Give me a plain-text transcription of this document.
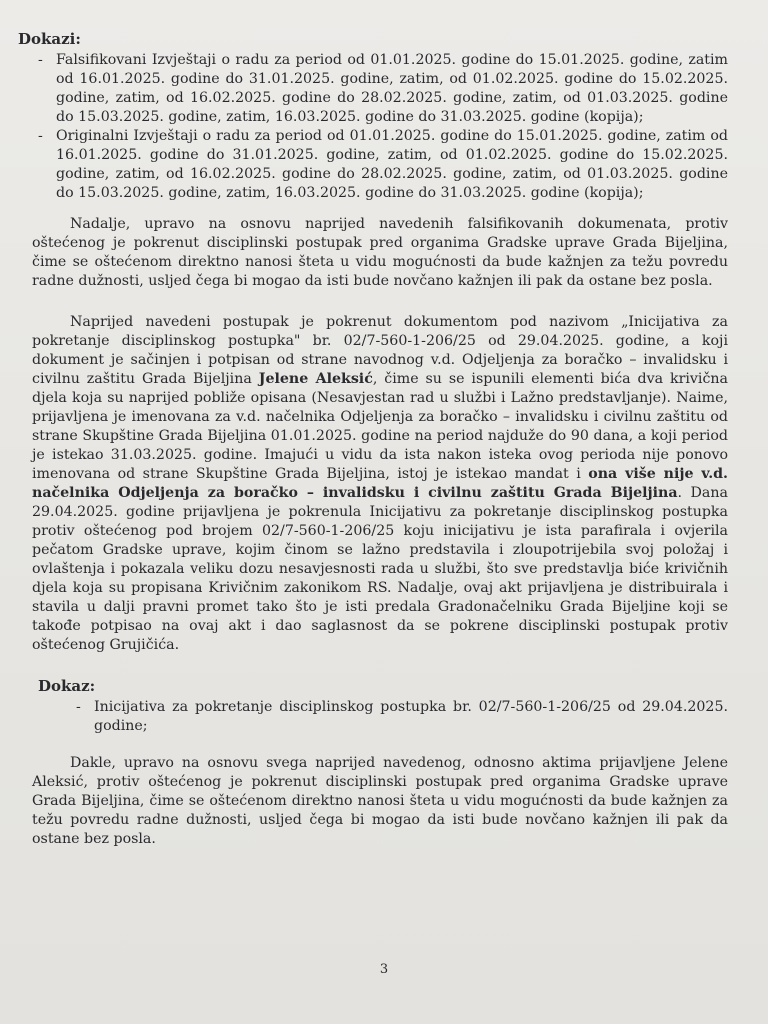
Dokazi:
- Falsifikovani Izvještaji o radu za period od 01.01.2025. godine do 15.01.2025. godine, zatim od 16.01.2025. godine do 31.01.2025. godine, zatim, od 01.02.2025. godine do 15.02.2025. godine, zatim, od 16.02.2025. godine do 28.02.2025. godine, zatim, od 01.03.2025. godine do 15.03.2025. godine, zatim, 16.03.2025. godine do 31.03.2025. godine (kopija);
- Originalni Izvještaji o radu za period od 01.01.2025. godine do 15.01.2025. godine, zatim od 16.01.2025. godine do 31.01.2025. godine, zatim, od 01.02.2025. godine do 15.02.2025. godine, zatim, od 16.02.2025. godine do 28.02.2025. godine, zatim, od 01.03.2025. godine do 15.03.2025. godine, zatim, 16.03.2025. godine do 31.03.2025. godine (kopija);

Nadalje, upravo na osnovu naprijed navedenih falsifikovanih dokumenata, protiv oštećenog je pokrenut disciplinski postupak pred organima Gradske uprave Grada Bijeljina, čime se oštećenom direktno nanosi šteta u vidu mogućnosti da bude kažnjen za težu povredu radne dužnosti, usljed čega bi mogao da isti bude novčano kažnjen ili pak da ostane bez posla.

Naprijed navedeni postupak je pokrenut dokumentom pod nazivom „Inicijativa za pokretanje disciplinskog postupka" br. 02/7-560-1-206/25 od 29.04.2025. godine, a koji dokument je sačinjen i potpisan od strane navodnog v.d. Odjeljenja za boračko – invalidsku i civilnu zaštitu Grada Bijeljina Jelene Aleksić, čime su se ispunili elementi bića dva krivična djela koja su naprijed pobliže opisana (Nesavjestan rad u službi i Lažno predstavljanje). Naime, prijavljena je imenovana za v.d. načelnika Odjeljenja za boračko – invalidsku i civilnu zaštitu od strane Skupštine Grada Bijeljina 01.01.2025. godine na period najduže do 90 dana, a koji period je istekao 31.03.2025. godine. Imajući u vidu da ista nakon isteka ovog perioda nije ponovo imenovana od strane Skupštine Grada Bijeljina, istoj je istekao mandat i ona više nije v.d. načelnika Odjeljenja za boračko – invalidsku i civilnu zaštitu Grada Bijeljina. Dana 29.04.2025. godine prijavljena je pokrenula Inicijativu za pokretanje disciplinskog postupka protiv oštećenog pod brojem 02/7-560-1-206/25 koju inicijativu je ista parafirala i ovjerila pečatom Gradske uprave, kojim činom se lažno predstavila i zloupotrijebila svoj položaj i ovlaštenja i pokazala veliku dozu nesavjesnosti rada u službi, što sve predstavlja biće krivičnih djela koja su propisana Krivičnim zakonikom RS. Nadalje, ovaj akt prijavljena je distribuirala i stavila u dalji pravni promet tako što je isti predala Gradonačelniku Grada Bijeljine koji se takođe potpisao na ovaj akt i dao saglasnost da se pokrene disciplinski postupak protiv oštećenog Grujičića.

Dokaz:
- Inicijativa za pokretanje disciplinskog postupka br. 02/7-560-1-206/25 od 29.04.2025. godine;

Dakle, upravo na osnovu svega naprijed navedenog, odnosno aktima prijavljene Jelene Aleksić, protiv oštećenog je pokrenut disciplinski postupak pred organima Gradske uprave Grada Bijeljina, čime se oštećenom direktno nanosi šteta u vidu mogućnosti da bude kažnjen za težu povredu radne dužnosti, usljed čega bi mogao da isti bude novčano kažnjen ili pak da ostane bez posla.

3
